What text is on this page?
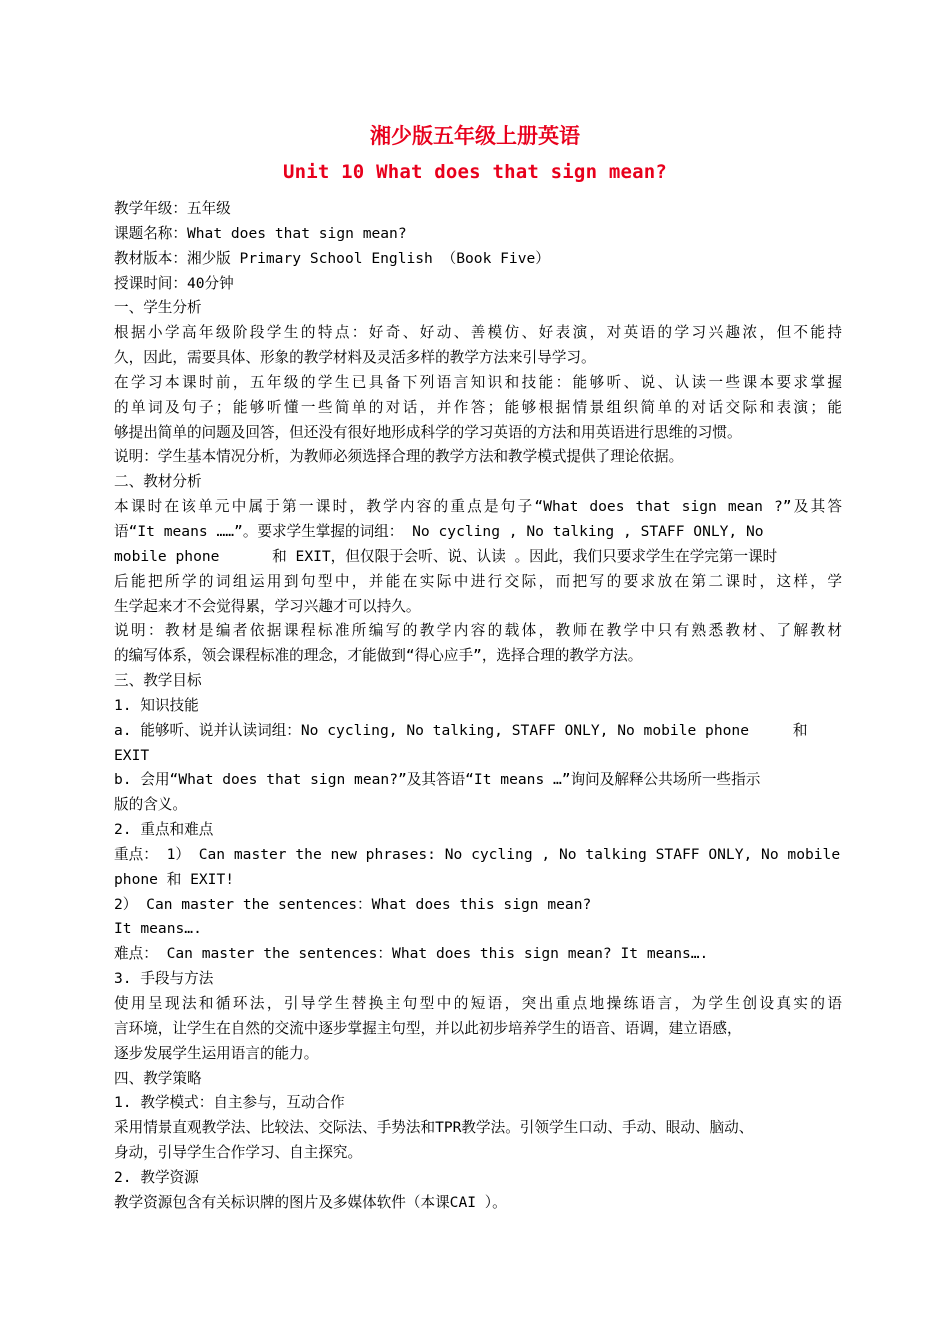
湘少版五年级上册英语
Unit 10 What does that sign mean?
教学年级：五年级
课题名称：What does that sign mean?
教材版本：湘少版 Primary School English （Book Five）
授课时间：40分钟
一、学生分析
根据小学高年级阶段学生的特点：好奇、好动、善模仿、好表演，对英语的学习兴趣浓，但不能持
久，因此，需要具体、形象的教学材料及灵活多样的教学方法来引导学习。
在学习本课时前，五年级的学生已具备下列语言知识和技能：能够听、说、认读一些课本要求掌握
的单词及句子；能够听懂一些简单的对话，并作答；能够根据情景组织简单的对话交际和表演；能
够提出简单的问题及回答，但还没有很好地形成科学的学习英语的方法和用英语进行思维的习惯。
说明：学生基本情况分析，为教师必须选择合理的教学方法和教学模式提供了理论依据。
二、教材分析
本课时在该单元中属于第一课时，教学内容的重点是句子“What does that sign mean ?”及其答
语“It means ……”。要求学生掌握的词组： No cycling , No talking , STAFF ONLY, No
mobile phone      和 EXIT，但仅限于会听、说、认读 。因此，我们只要求学生在学完第一课时
后能把所学的词组运用到句型中，并能在实际中进行交际，而把写的要求放在第二课时，这样，学
生学起来才不会觉得累，学习兴趣才可以持久。
说明：教材是编者依据课程标准所编写的教学内容的载体，教师在教学中只有熟悉教材、了解教材
的编写体系，领会课程标准的理念，才能做到“得心应手”，选择合理的教学方法。
三、教学目标
1. 知识技能
a. 能够听、说并认读词组：No cycling, No talking, STAFF ONLY, No mobile phone     和
EXIT
b. 会用“What does that sign mean?”及其答语“It means …”询问及解释公共场所一些指示
版的含义。
2. 重点和难点
重点： 1） Can master the new phrases: No cycling , No talking STAFF ONLY, No mobile
phone 和 EXIT!
2） Can master the sentences：What does this sign mean?
It means….
难点： Can master the sentences：What does this sign mean? It means….
3. 手段与方法
使用呈现法和循环法，引导学生替换主句型中的短语，突出重点地操练语言，为学生创设真实的语
言环境，让学生在自然的交流中逐步掌握主句型，并以此初步培养学生的语音、语调，建立语感，
逐步发展学生运用语言的能力。
四、教学策略
1. 教学模式：自主参与，互动合作
采用情景直观教学法、比较法、交际法、手势法和TPR教学法。引领学生口动、手动、眼动、脑动、
身动，引导学生合作学习、自主探究。
2. 教学资源
教学资源包含有关标识牌的图片及多媒体软件（本课CAI ）。
